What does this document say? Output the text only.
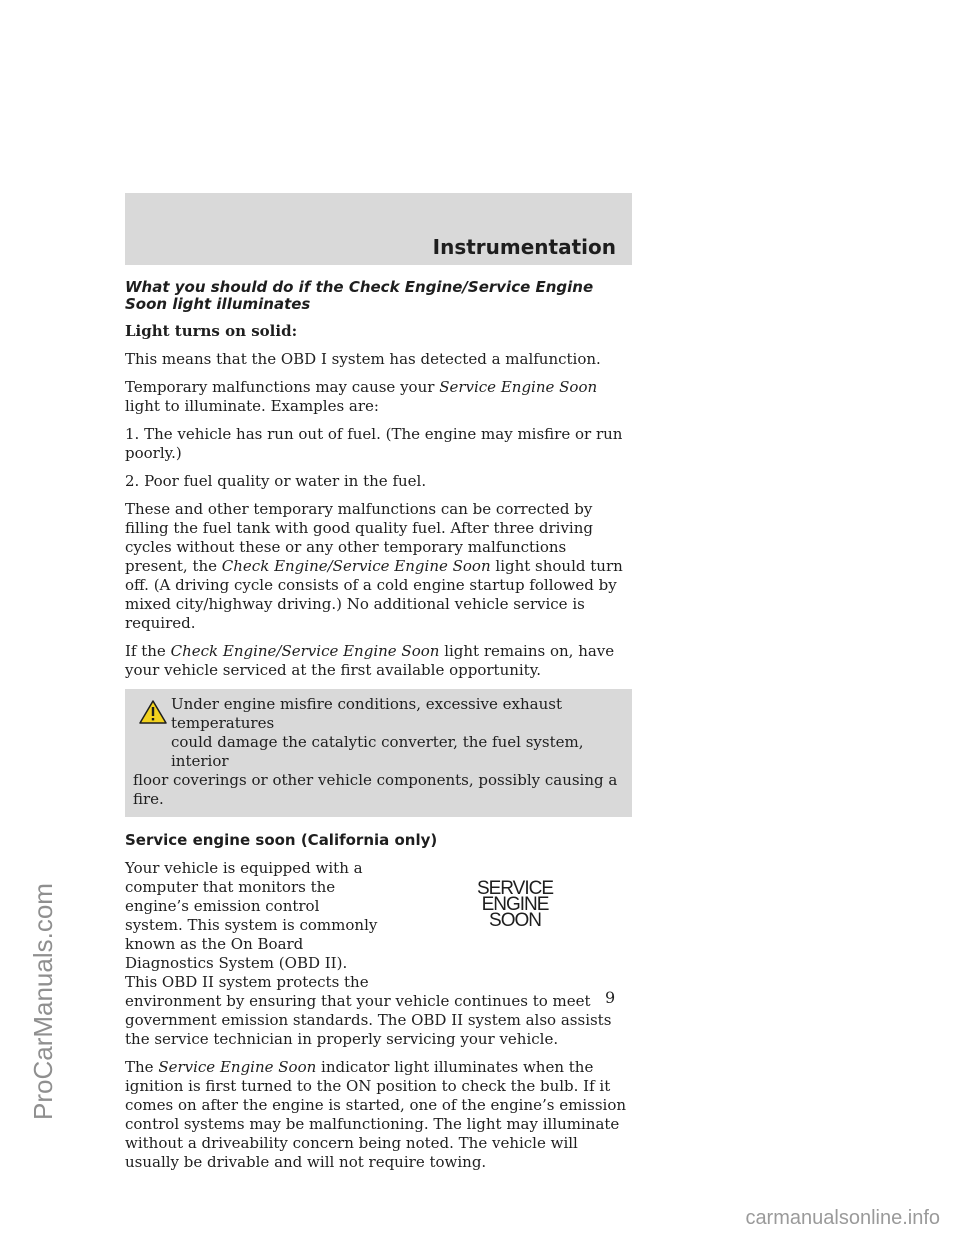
ProCarManuals.com
Instrumentation

What you should do if the Check Engine/Service Engine Soon light illuminates

Light turns on solid:

This means that the OBD I system has detected a malfunction.

Temporary malfunctions may cause your Service Engine Soon light to illuminate. Examples are:

1. The vehicle has run out of fuel. (The engine may misfire or run poorly.)

2. Poor fuel quality or water in the fuel.

These and other temporary malfunctions can be corrected by filling the fuel tank with good quality fuel. After three driving cycles without these or any other temporary malfunctions present, the Check Engine/Service Engine Soon light should turn off. (A driving cycle consists of a cold engine startup followed by mixed city/highway driving.) No additional vehicle service is required.

If the Check Engine/Service Engine Soon light remains on, have your vehicle serviced at the first available opportunity.

Under engine misfire conditions, excessive exhaust temperatures

could damage the catalytic converter, the fuel system, interior

floor coverings or other vehicle components, possibly causing a fire.

Service engine soon (California only)

SERVICE
ENGINE
SOON

Your vehicle is equipped with a computer that monitors the engine’s emission control system. This system is commonly known as the On Board Diagnostics System (OBD II). This OBD II system protects the

environment by ensuring that your vehicle continues to meet government emission standards. The OBD II system also assists the service technician in properly servicing your vehicle.

The Service Engine Soon indicator light illuminates when the ignition is first turned to the ON position to check the bulb. If it comes on after the engine is started, one of the engine’s emission control systems may be malfunctioning. The light may illuminate without a driveability concern being noted. The vehicle will usually be drivable and will not require towing.

9
carmanualsonline.info
